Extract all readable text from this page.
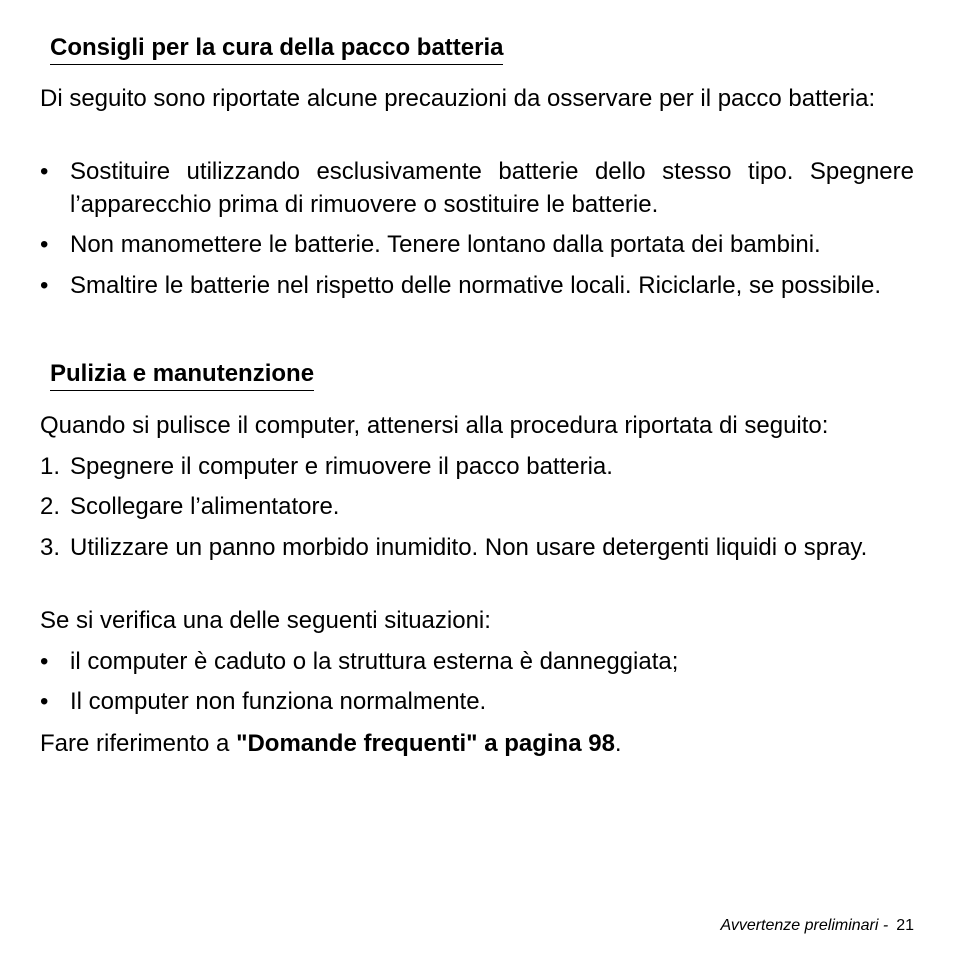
Consigli per la cura della pacco batteria

Di seguito sono riportate alcune precauzioni da osservare per il pacco batteria:

• Sostituire utilizzando esclusivamente batterie dello stesso tipo. Spegnere l’apparecchio prima di rimuovere o sostituire le batterie.
• Non manomettere le batterie. Tenere lontano dalla portata dei bambini.
• Smaltire le batterie nel rispetto delle normative locali. Riciclarle, se possibile.
Pulizia e manutenzione

Quando si pulisce il computer, attenersi alla procedura riportata di seguito:

1. Spegnere il computer e rimuovere il pacco batteria.
2. Scollegare l’alimentatore.
3. Utilizzare un panno morbido inumidito. Non usare detergenti liquidi o spray.

Se si verifica una delle seguenti situazioni:

• il computer è caduto o la struttura esterna è danneggiata;
• Il computer non funziona normalmente.

Fare riferimento a "Domande frequenti" a pagina 98.

Avvertenze preliminari - 21
